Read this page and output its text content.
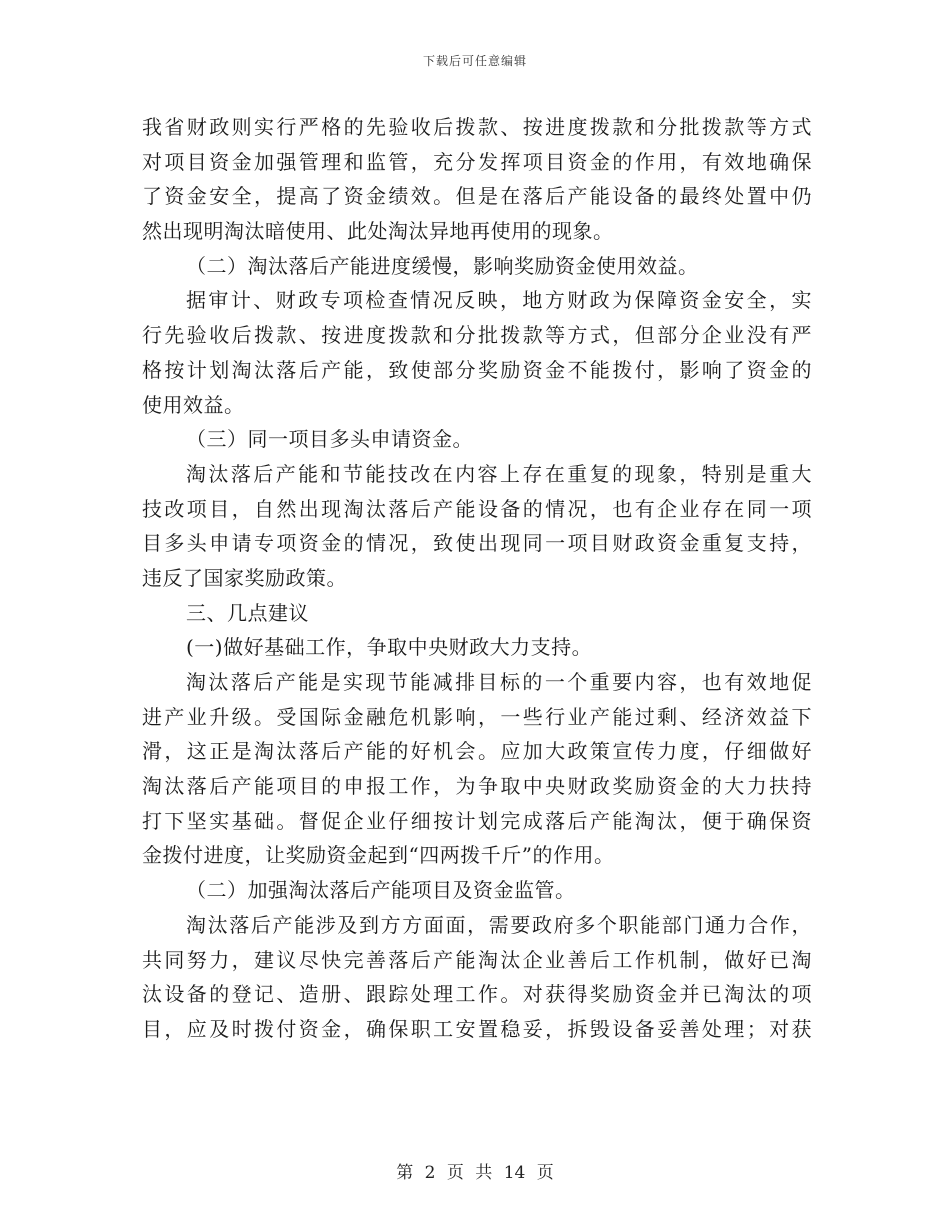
下载后可任意编辑
我省财政则实行严格的先验收后拨款、按进度拨款和分批拨款等方式
对项目资金加强管理和监管，充分发挥项目资金的作用，有效地确保
了资金安全，提高了资金绩效。但是在落后产能设备的最终处置中仍
然出现明淘汰暗使用、此处淘汰异地再使用的现象。
（二）淘汰落后产能进度缓慢，影响奖励资金使用效益。
据审计、财政专项检查情况反映，地方财政为保障资金安全，实
行先验收后拨款、按进度拨款和分批拨款等方式，但部分企业没有严
格按计划淘汰落后产能，致使部分奖励资金不能拨付，影响了资金的
使用效益。
（三）同一项目多头申请资金。
淘汰落后产能和节能技改在内容上存在重复的现象，特别是重大
技改项目，自然出现淘汰落后产能设备的情况，也有企业存在同一项
目多头申请专项资金的情况，致使出现同一项目财政资金重复支持，
违反了国家奖励政策。
三、几点建议
(一)做好基础工作，争取中央财政大力支持。
淘汰落后产能是实现节能减排目标的一个重要内容，也有效地促
进产业升级。受国际金融危机影响，一些行业产能过剩、经济效益下
滑，这正是淘汰落后产能的好机会。应加大政策宣传力度，仔细做好
淘汰落后产能项目的申报工作，为争取中央财政奖励资金的大力扶持
打下坚实基础。督促企业仔细按计划完成落后产能淘汰，便于确保资
金拨付进度，让奖励资金起到“四两拨千斤”的作用。
（二）加强淘汰落后产能项目及资金监管。
淘汰落后产能涉及到方方面面，需要政府多个职能部门通力合作，
共同努力，建议尽快完善落后产能淘汰企业善后工作机制，做好已淘
汰设备的登记、造册、跟踪处理工作。对获得奖励资金并已淘汰的项
目，应及时拨付资金，确保职工安置稳妥，拆毁设备妥善处理；对获
第 2 页 共 14 页
